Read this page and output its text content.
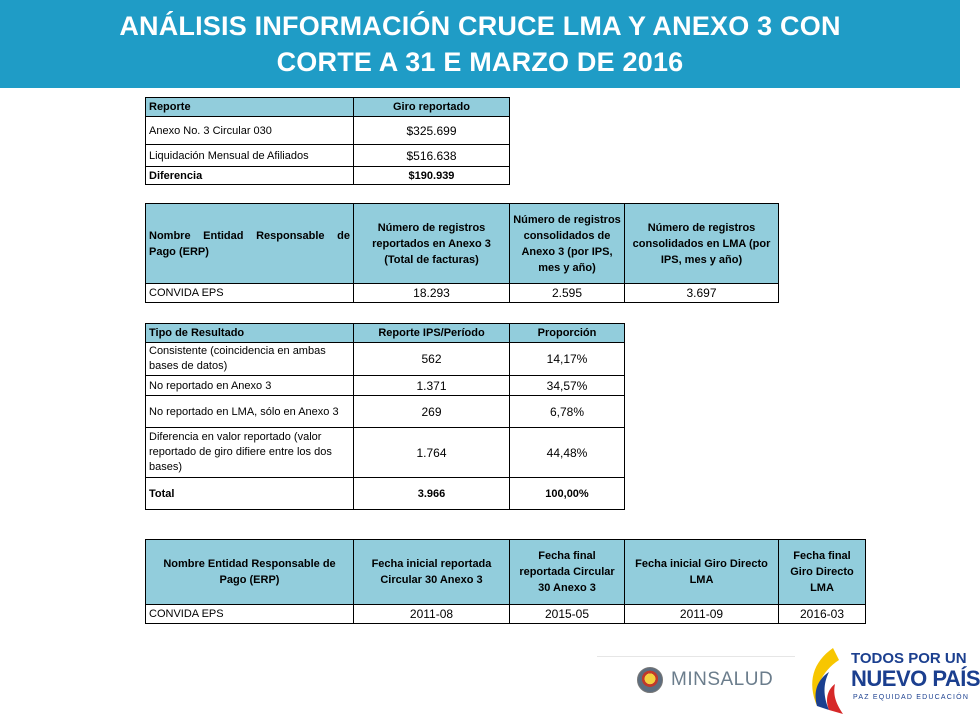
ANÁLISIS INFORMACIÓN CRUCE LMA Y ANEXO 3 CON
CORTE A 31 E MARZO DE 2016
Reporte	Giro reportado
Anexo No. 3 Circular 030	$325.699
Liquidación Mensual de Afiliados	$516.638
Diferencia	$190.939
Nombre Entidad Responsable de Pago (ERP)	Número de registros reportados en Anexo 3 (Total de facturas)	Número de registros consolidados de Anexo 3 (por IPS, mes y año)	Número de registros consolidados en LMA (por IPS, mes y año)
CONVIDA EPS	18.293	2.595	3.697
Tipo de Resultado	Reporte IPS/Período	Proporción
Consistente (coincidencia en ambas bases de datos)	562	14,17%
No reportado en Anexo 3	1.371	34,57%
No reportado en LMA, sólo en Anexo 3	269	6,78%
Diferencia en valor reportado (valor reportado de giro difiere entre los dos bases)	1.764	44,48%
Total	3.966	100,00%
Nombre Entidad Responsable de Pago (ERP)	Fecha inicial reportada Circular 30 Anexo 3	Fecha final reportada Circular 30 Anexo 3	Fecha inicial Giro Directo LMA	Fecha final Giro Directo LMA
CONVIDA EPS	2011-08	2015-05	2011-09	2016-03
MINSALUD
TODOS POR UN
NUEVO PAÍS
PAZ EQUIDAD EDUCACIÓN
